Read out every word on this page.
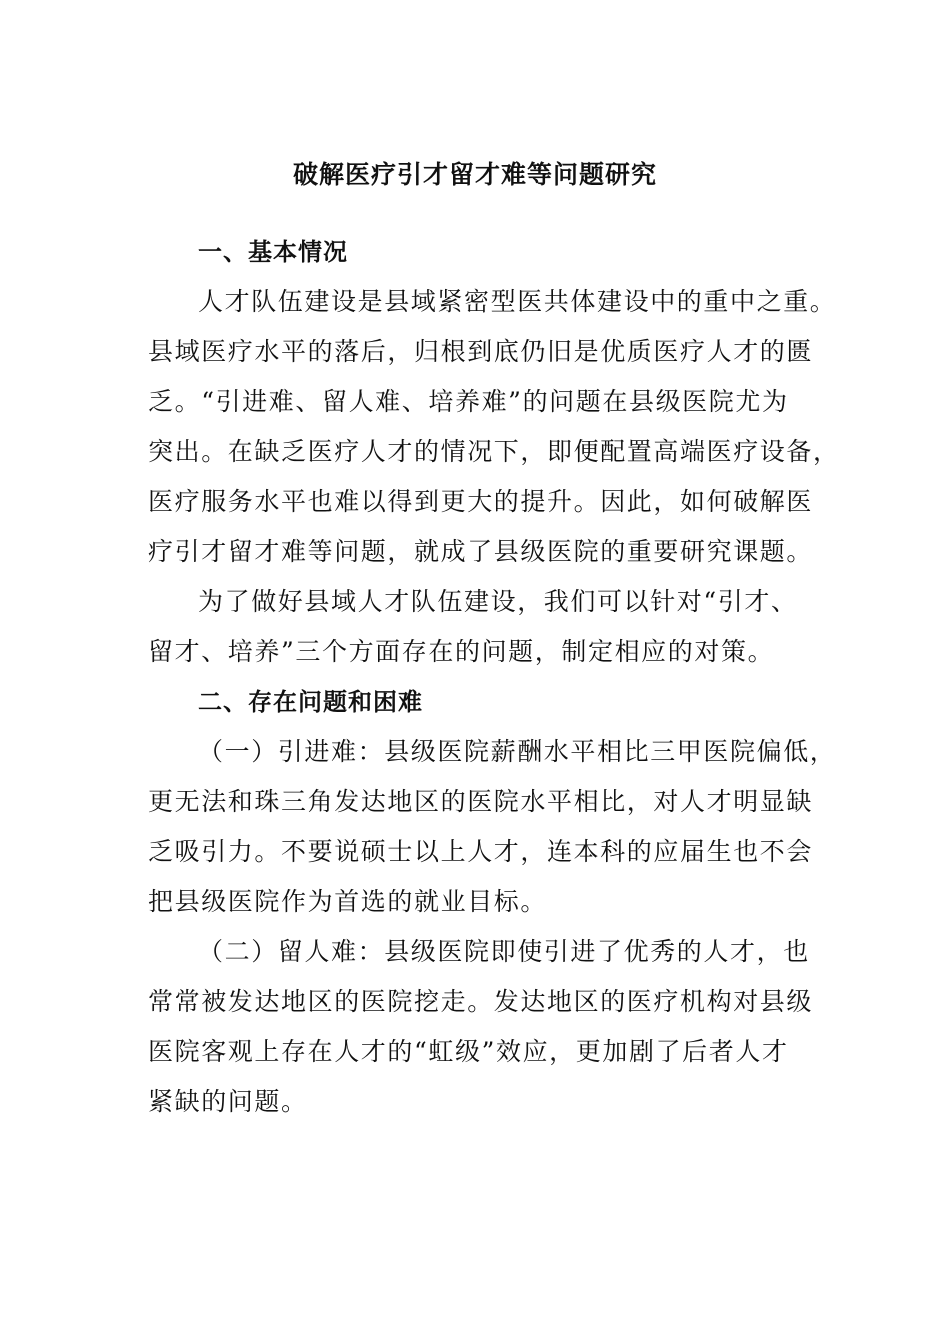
破解医疗引才留才难等问题研究
一、基本情况
人才队伍建设是县域紧密型医共体建设中的重中之重。
县域医疗水平的落后，归根到底仍旧是优质医疗人才的匮
乏。“引进难、留人难、培养难”的问题在县级医院尤为
突出。在缺乏医疗人才的情况下，即便配置高端医疗设备，
医疗服务水平也难以得到更大的提升。因此，如何破解医
疗引才留才难等问题，就成了县级医院的重要研究课题。
为了做好县域人才队伍建设，我们可以针对“引才、
留才、培养”三个方面存在的问题，制定相应的对策。
二、存在问题和困难
（一）引进难：县级医院薪酬水平相比三甲医院偏低，
更无法和珠三角发达地区的医院水平相比，对人才明显缺
乏吸引力。不要说硕士以上人才，连本科的应届生也不会
把县级医院作为首选的就业目标。
（二）留人难：县级医院即使引进了优秀的人才，也
常常被发达地区的医院挖走。发达地区的医疗机构对县级
医院客观上存在人才的“虹级”效应，更加剧了后者人才
紧缺的问题。
